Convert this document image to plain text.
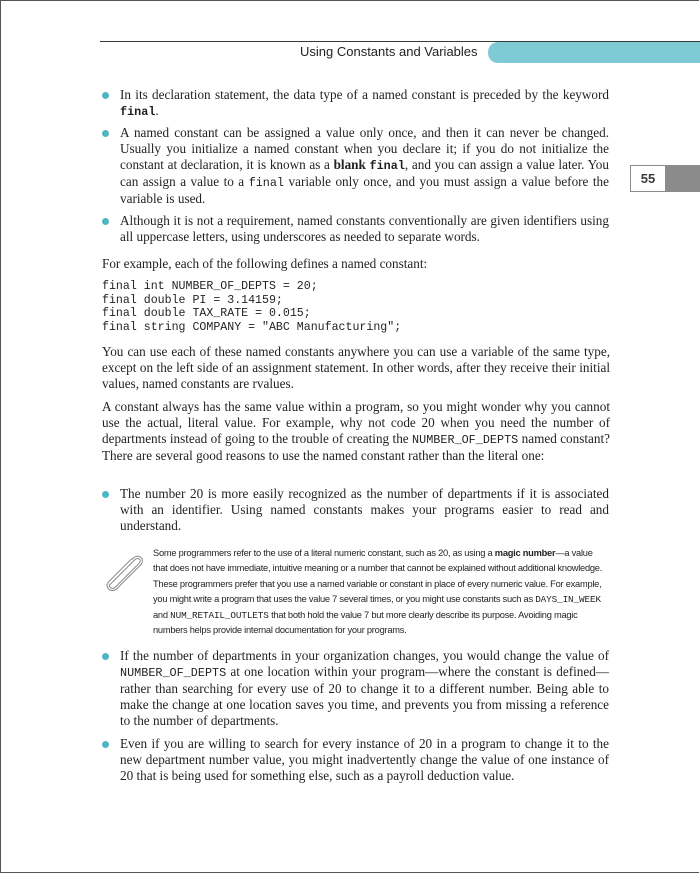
Using Constants and Variables
55
In its declaration statement, the data type of a named constant is preceded by the keyword final.
A named constant can be assigned a value only once, and then it can never be changed. Usually you initialize a named constant when you declare it; if you do not initialize the constant at declaration, it is known as a blank final, and you can assign a value later. You can assign a value to a final variable only once, and you must assign a value before the variable is used.
Although it is not a requirement, named constants conventionally are given identifiers using all uppercase letters, using underscores as needed to separate words.
For example, each of the following defines a named constant:
final int NUMBER_OF_DEPTS = 20;
final double PI = 3.14159;
final double TAX_RATE = 0.015;
final string COMPANY = "ABC Manufacturing";
You can use each of these named constants anywhere you can use a variable of the same type, except on the left side of an assignment statement. In other words, after they receive their initial values, named constants are rvalues.
A constant always has the same value within a program, so you might wonder why you cannot use the actual, literal value. For example, why not code 20 when you need the number of departments instead of going to the trouble of creating the NUMBER_OF_DEPTS named constant? There are several good reasons to use the named constant rather than the literal one:
The number 20 is more easily recognized as the number of departments if it is associated with an identifier. Using named constants makes your programs easier to read and understand.
Some programmers refer to the use of a literal numeric constant, such as 20, as using a magic number—a value that does not have immediate, intuitive meaning or a number that cannot be explained without additional knowledge. These programmers prefer that you use a named variable or constant in place of every numeric value. For example, you might write a program that uses the value 7 several times, or you might use constants such as DAYS_IN_WEEK and NUM_RETAIL_OUTLETS that both hold the value 7 but more clearly describe its purpose. Avoiding magic numbers helps provide internal documentation for your programs.
If the number of departments in your organization changes, you would change the value of NUMBER_OF_DEPTS at one location within your program—where the constant is defined—rather than searching for every use of 20 to change it to a different number. Being able to make the change at one location saves you time, and prevents you from missing a reference to the number of departments.
Even if you are willing to search for every instance of 20 in a program to change it to the new department number value, you might inadvertently change the value of one instance of 20 that is being used for something else, such as a payroll deduction value.
